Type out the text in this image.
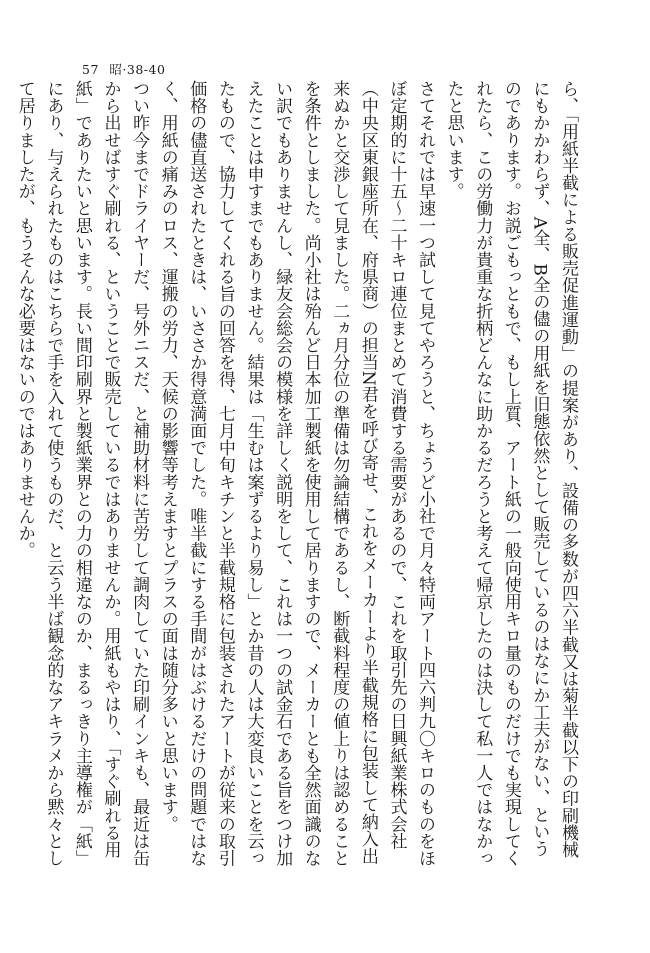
57 昭·38-40

ら、「用紙半截による販売促進運動」の提案があり、設備の多数が四六半截又は菊半截以下の印刷機械にもかかわらず、A全、B全の儘の用紙を旧態依然として販売しているのはなにか工夫がない、というのであります。お説ごもっともで、もし上質、アート紙の一般向使用キロ量のものだけでも実現してくれたら、この労働力が貴重な折柄どんなに助かるだろうと考えて帰京したのは決して私一人ではなかったと思います。

さてそれでは早速一つ試して見てやろうと、ちょうど小社で月々特両アート四六判九〇キロのものをほぼ定期的に十五〜二十キロ連位まとめて消費する需要があるので、これを取引先の日興紙業株式会社（中央区東銀座所在、府県商）の担当N君を呼び寄せ、これをメーカーより半截規格に包装して納入出来ぬかと交渉して見ました。二ヵ月分位の準備は勿論結構であるし、断截料程度の値上りは認めることを条件としました。尚小社は殆んど日本加工製紙を使用して居りますので、メーカーとも全然面識のない訳でもありませんし、緑友会総会の模様を詳しく説明をして、これは一つの試金石である旨をつけ加えたことは申すまでもありません。結果は「生むは案ずるより易し」とか昔の人は大変良いことを云ったもので、協力してくれる旨の回答を得、七月中旬キチンと半截規格に包装されたアートが従来の取引価格の儘直送されたときは、いささか得意満面でした。唯半截にする手間がはぶけるだけの問題ではなく、用紙の痛みのロス、運搬の労力、天候の影響等考えますとプラスの面は随分多いと思います。

つい昨今までドライヤーだ、号外ニスだ、と補助材料に苦労して調肉していた印刷インキも、最近は缶から出せばすぐ刷れる、ということで販売しているではありませんか。用紙もやはり、「すぐ刷れる用紙」でありたいと思います。長い間印刷界と製紙業界との力の相違なのか、まるっきり主導権が「紙」にあり、与えられたものはこちらで手を入れて使うものだ、と云う半ば観念的なアキラメから黙々として居りましたが、もうそんな必要はないのではありませんか。
